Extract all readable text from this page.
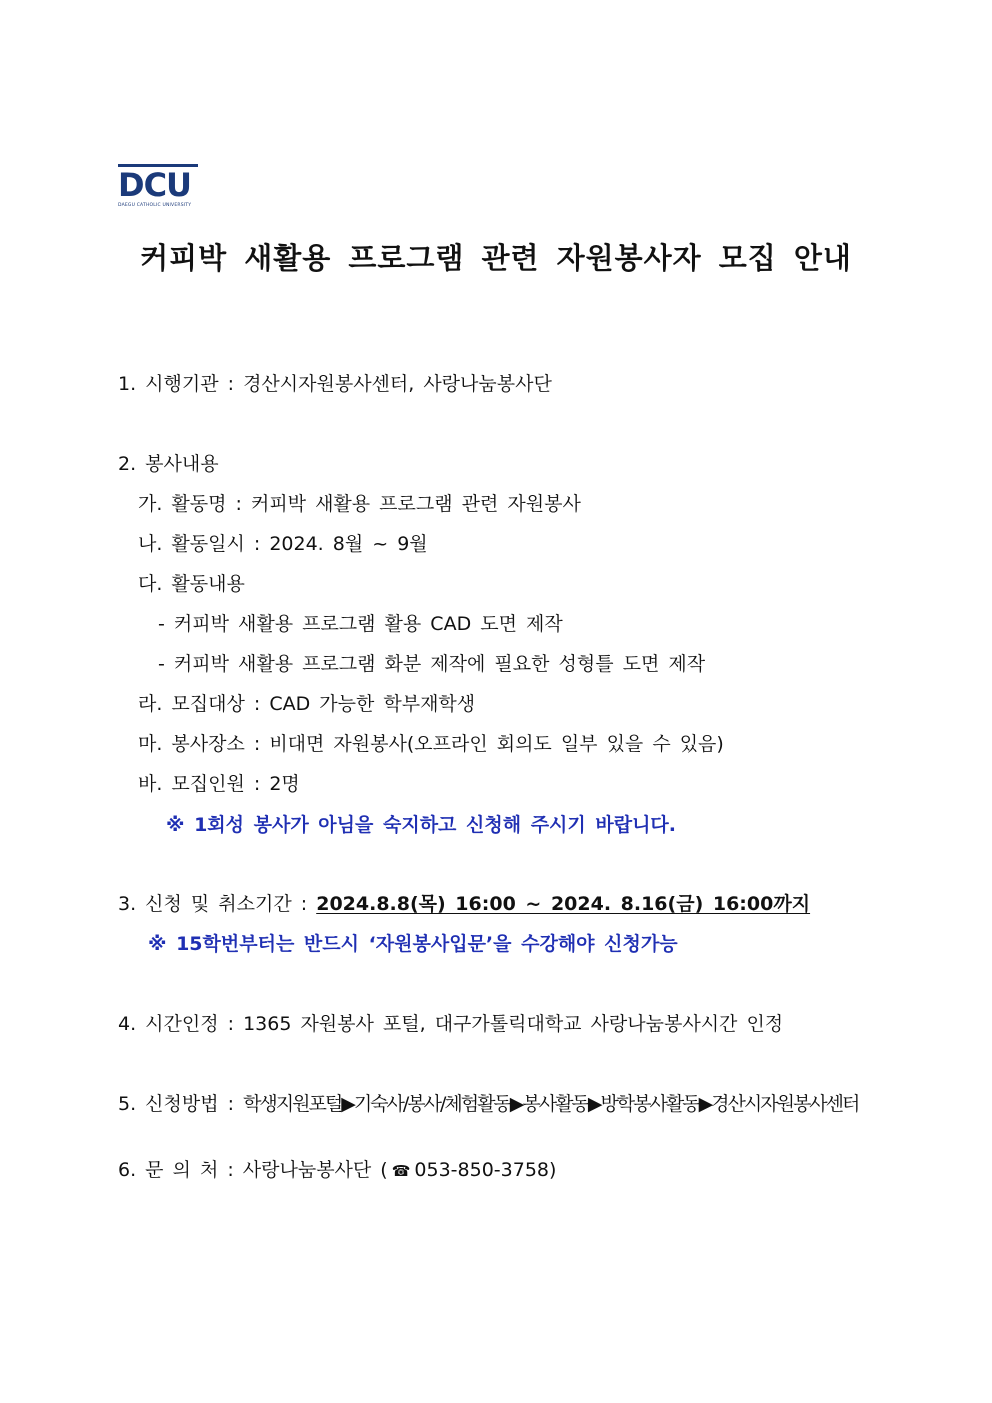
DCU
DAEGU CATHOLIC UNIVERSITY
커피박 새활용 프로그램 관련 자원봉사자 모집 안내
1. 시행기관 : 경산시자원봉사센터, 사랑나눔봉사단
2. 봉사내용
가. 활동명 : 커피박 새활용 프로그램 관련 자원봉사
나. 활동일시 : 2024. 8월 ~ 9월
다. 활동내용
- 커피박 새활용 프로그램 활용 CAD 도면 제작
- 커피박 새활용 프로그램 화분 제작에 필요한 성형틀 도면 제작
라. 모집대상 : CAD 가능한 학부재학생
마. 봉사장소 : 비대면 자원봉사(오프라인 회의도 일부 있을 수 있음)
바. 모집인원 : 2명
※ 1회성 봉사가 아님을 숙지하고 신청해 주시기 바랍니다.
3. 신청 및 취소기간 : 2024.8.8(목) 16:00 ~ 2024. 8.16(금) 16:00까지
※ 15학번부터는 반드시 ‘자원봉사입문’을 수강해야 신청가능
4. 시간인정 : 1365 자원봉사 포털, 대구가톨릭대학교 사랑나눔봉사시간 인정
5. 신청방법 : 학생지원포털▶기숙사/봉사/체험활동▶봉사활동▶방학봉사활동▶경산시자원봉사센터
6. 문 의 처 : 사랑나눔봉사단 ( ☎ 053-850-3758)
